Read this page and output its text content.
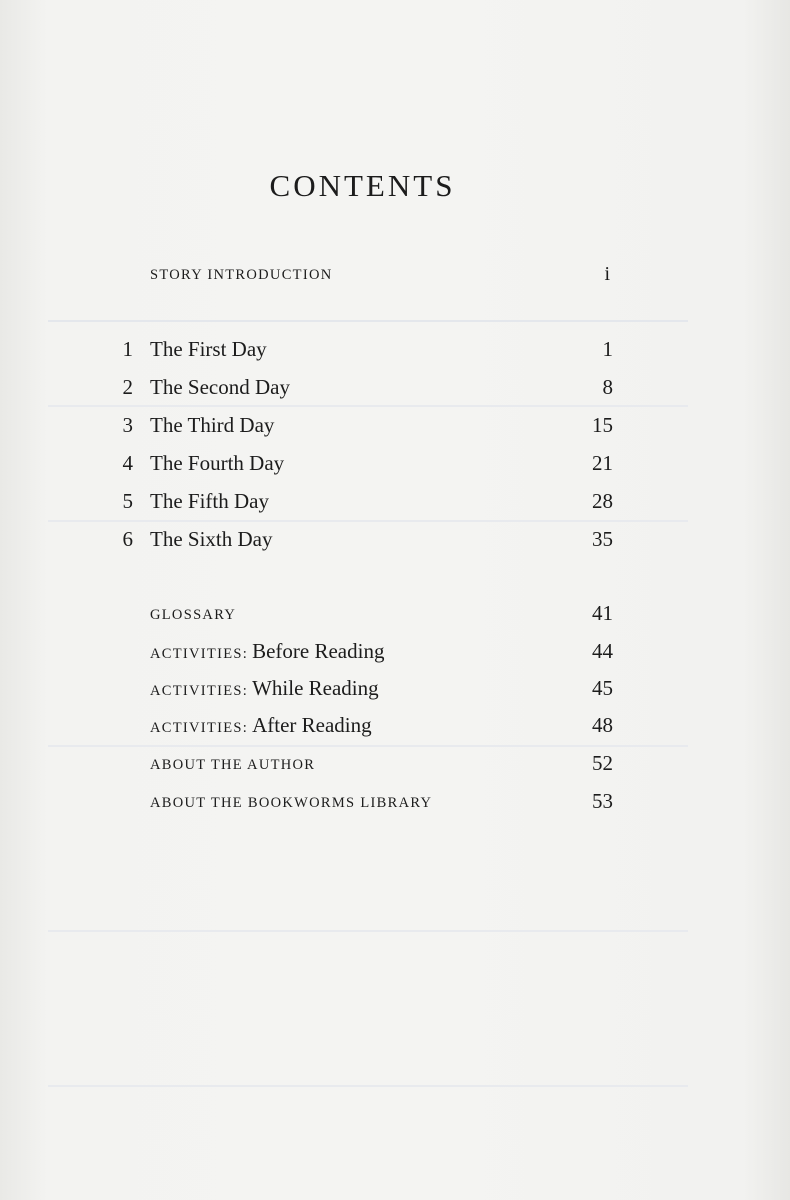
CONTENTS
STORY INTRODUCTION	i
1 The First Day	1
2 The Second Day	8
3 The Third Day	15
4 The Fourth Day	21
5 The Fifth Day	28
6 The Sixth Day	35
GLOSSARY	41
ACTIVITIES: Before Reading	44
ACTIVITIES: While Reading	45
ACTIVITIES: After Reading	48
ABOUT THE AUTHOR	52
ABOUT THE BOOKWORMS LIBRARY	53
